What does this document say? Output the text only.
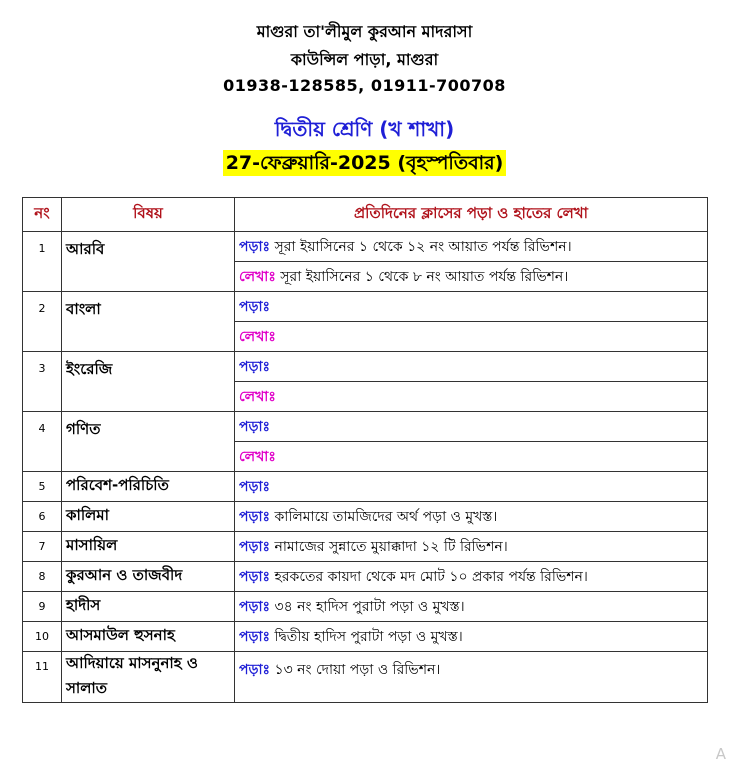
মাগুরা তা'লীমুল কুরআন মাদরাসা
কাউন্সিল পাড়া, মাগুরা
01938-128585, 01911-700708
দ্বিতীয় শ্রেণি (খ শাখা)
27-ফেব্রুয়ারি-2025 (বৃহস্পতিবার)
নং	বিষয়	প্রতিদিনের ক্লাসের পড়া ও হাতের লেখা
1	আরবি	পড়াঃ সূরা ইয়াসিনের ১ থেকে ১২ নং আয়াত পর্যন্ত রিভিশন।
		লেখাঃ সূরা ইয়াসিনের ১ থেকে ৮ নং আয়াত পর্যন্ত রিভিশন।
2	বাংলা	পড়াঃ
		লেখাঃ
3	ইংরেজি	পড়াঃ
		লেখাঃ
4	গণিত	পড়াঃ
		লেখাঃ
5	পরিবেশ-পরিচিতি	পড়াঃ
6	কালিমা	পড়াঃ কালিমায়ে তামজিদের অর্থ পড়া ও মুখস্ত।
7	মাসায়িল	পড়াঃ নামাজের সুন্নাতে মুয়াক্কাদা ১২ টি রিভিশন।
8	কুরআন ও তাজবীদ	পড়াঃ হরকতের কায়দা থেকে মদ মোট ১০ প্রকার পর্যন্ত রিভিশন।
9	হাদীস	পড়াঃ ৩৪ নং হাদিস পুরাটা পড়া ও মুখস্ত।
10	আসমাউল হুসনাহ	পড়াঃ দ্বিতীয় হাদিস পুরাটা পড়া ও মুখস্ত।
11	আদিয়ায়ে মাসনুনাহ ও সালাত	পড়াঃ ১৩ নং দোয়া পড়া ও রিভিশন।
A
